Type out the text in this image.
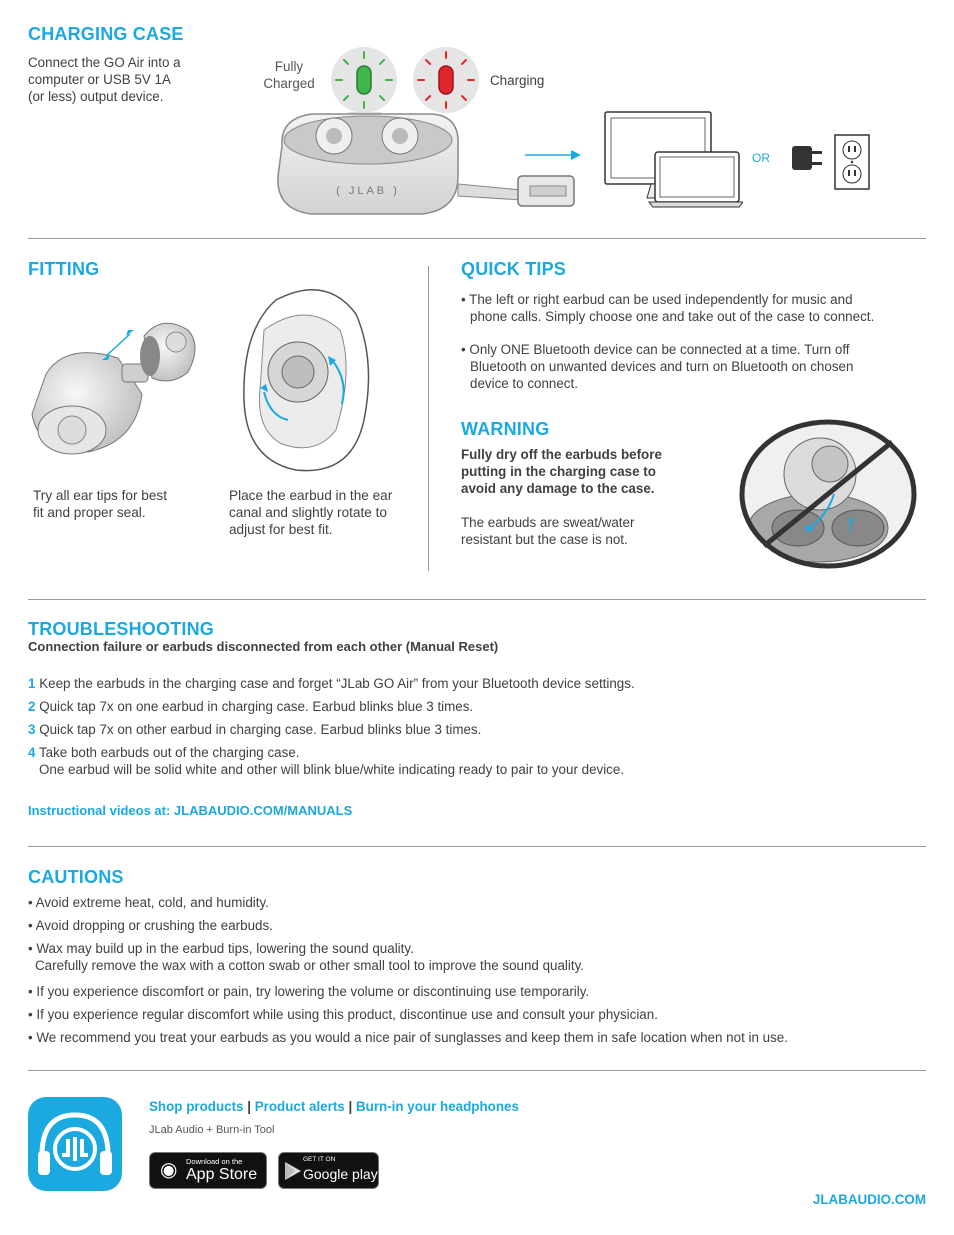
CHARGING CASE
Connect the GO Air into a
computer or USB 5V 1A
(or less) output device.
Fully
Charged	Charging
( JLAB )
OR
FITTING
Try all ear tips for best
fit and proper seal.
Place the earbud in the ear
canal and slightly rotate to
adjust for best fit.
QUICK TIPS
• The left or right earbud can be used independently for music and
phone calls. Simply choose one and take out of the case to connect.
• Only ONE Bluetooth device can be connected at a time. Turn off
Bluetooth on unwanted devices and turn on Bluetooth on chosen
device to connect.
WARNING
Fully dry off the earbuds before
putting in the charging case to
avoid any damage to the case.
The earbuds are sweat/water
resistant but the case is not.
TROUBLESHOOTING
Connection failure or earbuds disconnected from each other (Manual Reset)
1 Keep the earbuds in the charging case and forget “JLab GO Air” from your Bluetooth device settings.
2 Quick tap 7x on one earbud in charging case. Earbud blinks blue 3 times.
3 Quick tap 7x on other earbud in charging case. Earbud blinks blue 3 times.
4 Take both earbuds out of the charging case.
One earbud will be solid white and other will blink blue/white indicating ready to pair to your device.
Instructional videos at: JLABAUDIO.COM/MANUALS
CAUTIONS
• Avoid extreme heat, cold, and humidity.
• Avoid dropping or crushing the earbuds.
• Wax may build up in the earbud tips, lowering the sound quality.
Carefully remove the wax with a cotton swab or other small tool to improve the sound quality.
• If you experience discomfort or pain, try lowering the volume or discontinuing use temporarily.
• If you experience regular discomfort while using this product, discontinue use and consult your physician.
• We recommend you treat your earbuds as you would a nice pair of sunglasses and keep them in safe location when not in use.
Shop products | Product alerts | Burn-in your headphones
JLab Audio + Burn-in Tool
◉ Download on the
App Store
GET IT ON
Google play
JLABAUDIO.COM
